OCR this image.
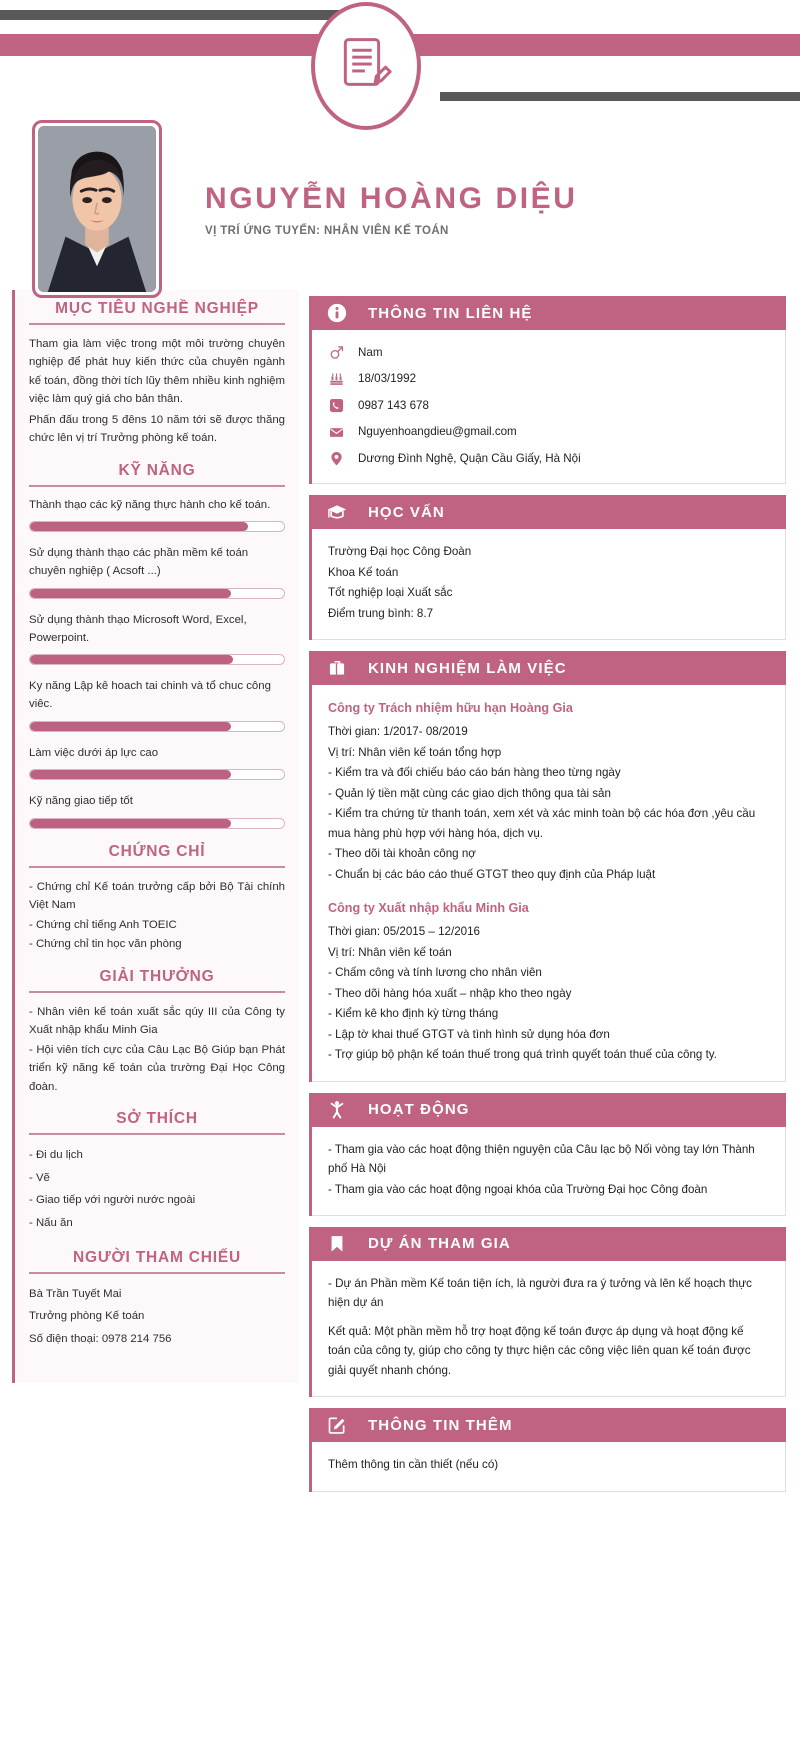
NGUYỄN HOÀNG DIỆU
VỊ TRÍ ỨNG TUYỂN: NHÂN VIÊN KẾ TOÁN
MỤC TIÊU NGHỀ NGHIỆP

Tham gia làm việc trong một môi trường chuyên nghiệp để phát huy kiến thức của chuyên ngành kế toán, đồng thời tích lũy thêm nhiều kinh nghiệm việc làm quý giá cho bản thân.

Phấn đấu trong 5 đêns 10 năm tới sẽ được thăng chức lên vị trí Trưởng phòng kế toán.

KỸ NĂNG
Thành thạo các kỹ năng thực hành cho kế toán.
Sử dụng thành thạo các phần mềm kế toán chuyên nghiệp ( Acsoft ...)
Sử dụng thành thạo Microsoft Word, Excel, Powerpoint.
Ky năng Lập kê hoach tai chinh và tổ chuc công viêc.
Làm việc dưới áp lực cao
Kỹ năng giao tiếp tốt
CHỨNG CHỈ
- Chứng chỉ Kế toán trưởng cấp bởi Bộ Tài chính Việt Nam
- Chứng chỉ tiếng Anh TOEIC
- Chứng chỉ tin học văn phòng
GIẢI THƯỞNG
- Nhân viên kế toán xuất sắc qúy III của Công ty Xuất nhập khẩu Minh Gia
- Hội viên tích cực của Câu Lạc Bộ Giúp bạn Phát triển kỹ năng kế toán của trường Đại Học Công đoàn.
SỞ THÍCH
- Đi du lịch
- Vẽ
- Giao tiếp với người nước ngoài
- Nấu ăn
NGƯỜI THAM CHIẾU
Bà Trần Tuyết Mai
Trưởng phòng Kế toán
Số điện thoại: 0978 214 756
THÔNG TIN LIÊN HỆ
Nam
18/03/1992
0987 143 678
Nguyenhoangdieu@gmail.com
Dương Đình Nghệ, Quận Cầu Giấy, Hà Nội
HỌC VẤN
Trường Đại học Công Đoàn
Khoa Kế toán
Tốt nghiệp loại Xuất sắc
Điểm trung bình: 8.7
KINH NGHIỆM LÀM VIỆC
Công ty Trách nhiệm hữu hạn Hoàng Gia
Thời gian: 1/2017- 08/2019
Vị trí: Nhân viên kế toán tổng hợp
- Kiểm tra và đối chiếu báo cáo bán hàng theo từng ngày
- Quản lý tiền mặt cùng các giao dịch thông qua tài sản
- Kiểm tra chứng từ thanh toán, xem xét và xác minh toàn bộ các hóa đơn ,yêu cầu mua hàng phù hợp với hàng hóa, dịch vụ.
- Theo dõi tài khoản công nợ
- Chuẩn bị các báo cáo thuế GTGT theo quy định của Pháp luật
Công ty Xuất nhập khẩu Minh Gia
Thời gian: 05/2015 – 12/2016
Vị trí: Nhân viên kế toán
- Chấm công và tính lương cho nhân viên
- Theo dõi hàng hóa xuất – nhập kho theo ngày
- Kiểm kê kho định kỳ từng tháng
- Lập tờ khai thuế GTGT và tình hình sử dụng hóa đơn
- Trợ giúp bộ phận kế toán thuế trong quá trình quyết toán thuế của công ty.
HOẠT ĐỘNG
- Tham gia vào các hoạt động thiện nguyện của Câu lạc bộ Nối vòng tay lớn Thành phố Hà Nội
- Tham gia vào các hoạt động ngoại khóa của Trường Đại học Công đoàn
DỰ ÁN THAM GIA
- Dự án Phần mềm Kế toán tiện ích, là người đưa ra ý tưởng và lên kế hoạch thực hiện dự án
Kết quả: Một phần mềm hỗ trợ hoạt động kế toán được áp dụng và hoạt động kế toán của công ty, giúp cho công ty thực hiện các công việc liên quan kế toán được giải quyết nhanh chóng.
THÔNG TIN THÊM
Thêm thông tin cần thiết (nếu có)
